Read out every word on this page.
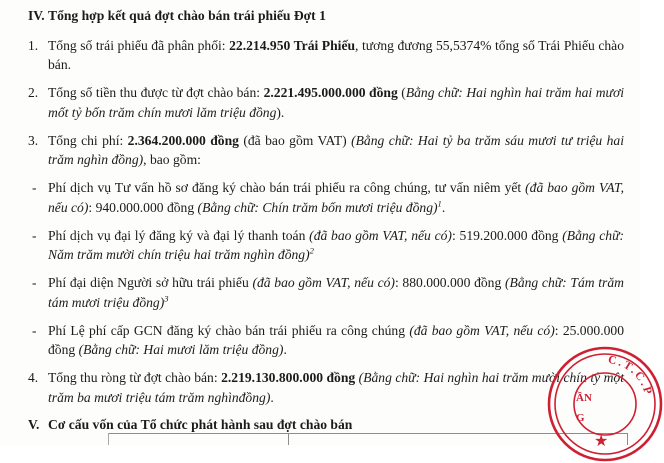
IV. Tổng hợp kết quả đợt chào bán trái phiếu Đợt 1
1. Tổng số trái phiếu đã phân phối: 22.214.950 Trái Phiếu, tương đương 55,5374% tổng số Trái Phiếu chào bán.
2. Tổng số tiền thu được từ đợt chào bán: 2.221.495.000.000 đồng (Bằng chữ: Hai nghìn hai trăm hai mươi mốt tỷ bốn trăm chín mươi lăm triệu đồng).
3. Tổng chi phí: 2.364.200.000 đồng (đã bao gồm VAT) (Bằng chữ: Hai tỷ ba trăm sáu mươi tư triệu hai trăm nghìn đồng), bao gồm:
- Phí dịch vụ Tư vấn hồ sơ đăng ký chào bán trái phiếu ra công chúng, tư vấn niêm yết (đã bao gồm VAT, nếu có): 940.000.000 đồng (Bằng chữ: Chín trăm bốn mươi triệu đồng)$^1$.
- Phí dịch vụ đại lý đăng ký và đại lý thanh toán (đã bao gồm VAT, nếu có): 519.200.000 đồng (Bằng chữ: Năm trăm mười chín triệu hai trăm nghìn đồng)$^2$
- Phí đại diện Người sở hữu trái phiếu (đã bao gồm VAT, nếu có): 880.000.000 đồng (Bằng chữ: Tám trăm tám mươi triệu đồng)$^3$
- Phí Lệ phí cấp GCN đăng ký chào bán trái phiếu ra công chúng (đã bao gồm VAT, nếu có): 25.000.000 đồng (Bằng chữ: Hai mươi lăm triệu đồng).
4. Tổng thu ròng từ đợt chào bán: 2.219.130.800.000 đồng (Bằng chữ: Hai nghìn hai trăm mười chín tỷ một trăm ba mươi triệu tám trăm nghìnđồng).
V. Cơ cấu vốn của Tổ chức phát hành sau đợt chào bán
C.T.C.P
ẦN
G
★
